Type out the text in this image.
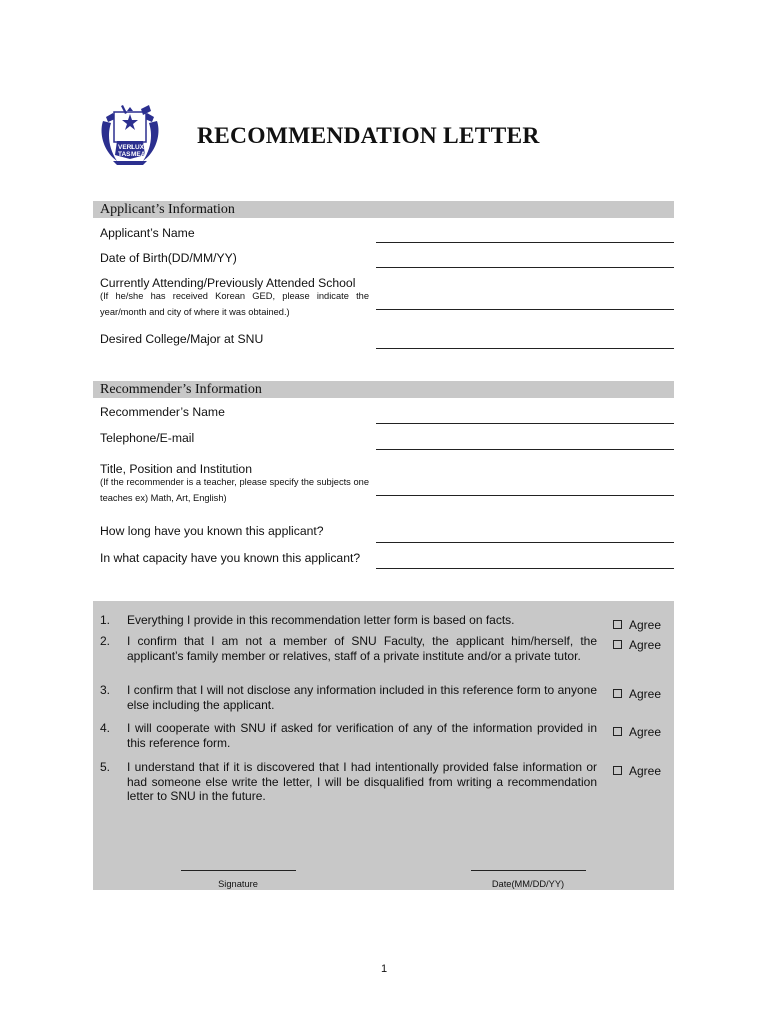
VERI
LUX
TAS MEA
RECOMMENDATION LETTER
Applicant’s Information
Applicant’s Name
Date of Birth(DD/MM/YY)
Currently Attending/Previously Attended School
(If he/she has received Korean GED, please indicate the year/month and city of where it was obtained.)
Desired College/Major at SNU
Recommender’s Information
Recommender’s Name
Telephone/E-mail
Title, Position and Institution
(If the recommender is a teacher, please specify the subjects one teaches ex) Math, Art, English)
How long have you known this applicant?
In what capacity have you known this applicant?
1. Everything I provide in this recommendation letter form is based on facts.	Agree
2. I confirm that I am not a member of SNU Faculty, the applicant him/herself, the applicant’s family member or relatives, staff of a private institute and/or a private tutor.
Agree
3. I confirm that I will not disclose any information included in this reference form to anyone else including the applicant.
Agree
4. I will cooperate with SNU if asked for verification of any of the information provided in this reference form.
Agree
5. I understand that if it is discovered that I had intentionally provided false information or had someone else write the letter, I will be disqualified from writing a recommendation letter to SNU in the future.
Agree
Signature	Date(MM/DD/YY)
1
